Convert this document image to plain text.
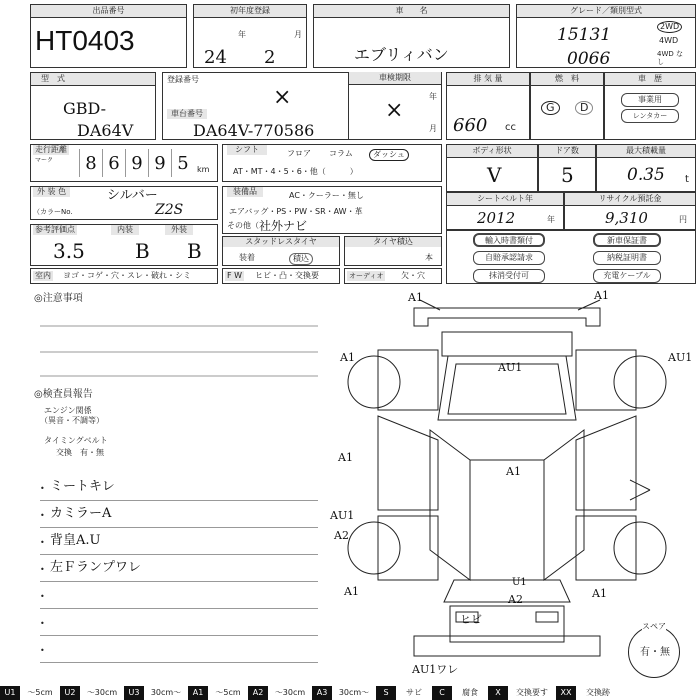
出品番号
HT0403
初年度登録
24
年
2
月
車　　名
エブリィバン
グレード／類別型式
15131
0066
2WD
4WD
4WD なし
型　式
GBD-
DA64V
登録番号
×
車台番号
DA64V-770586
車検期限
×
年
月
排 気 量
660 cc
燃　料
G	D
車　歴
事業用
レンタカー
走行距離
マーク	8 6 9 9 5	km
シフト	フロア コラム	ダッシュ
AT・MT・4・5・6・他（　　　）
ボディ形状
V
ドア数
5
最大積載量
0.35 t
外 装 色	シルバー
（カラーNo.	Z2S
装備品	AC・クーラー・無し
エアバッグ・PS・PW・SR・AW・革
その他（ 社外ナビ
シートベルト年
2012	年
リサイクル預託金
9,310	円
参考評価点
3.5
内装
B
外装
B	スタッドレスタイヤ
装着	積込
タイヤ積込
本
輸入時書類付
自賠承認請求
抹消受付可
新車保証書
納税証明書
充電ケーブル
室内 ヨゴ・コゲ・穴・スレ・破れ・シミ	F W ヒビ・凸・交換要	オーディオ 欠・穴
◎注意事項
◎検査員報告
エンジン関係
（異音・不調等）
タイミングベルト
交換　有・無
• ミートキレ
• カミラーA
• 背皇A.U
• 左Ｆランプワレ
•
•
•
A1	A1
A1
AU1
AU1
A1
A1
AU1
A2
A1
U1
A2	A1
ヒビ
AU1ワレ
スペア
有・無
U1	～5cm	U2	～30cm	U3	30cm～	A1	～5cm	A2	～30cm	A3	30cm～	S	サビ	C	腐食	X	交換要す	XX	交換跡
